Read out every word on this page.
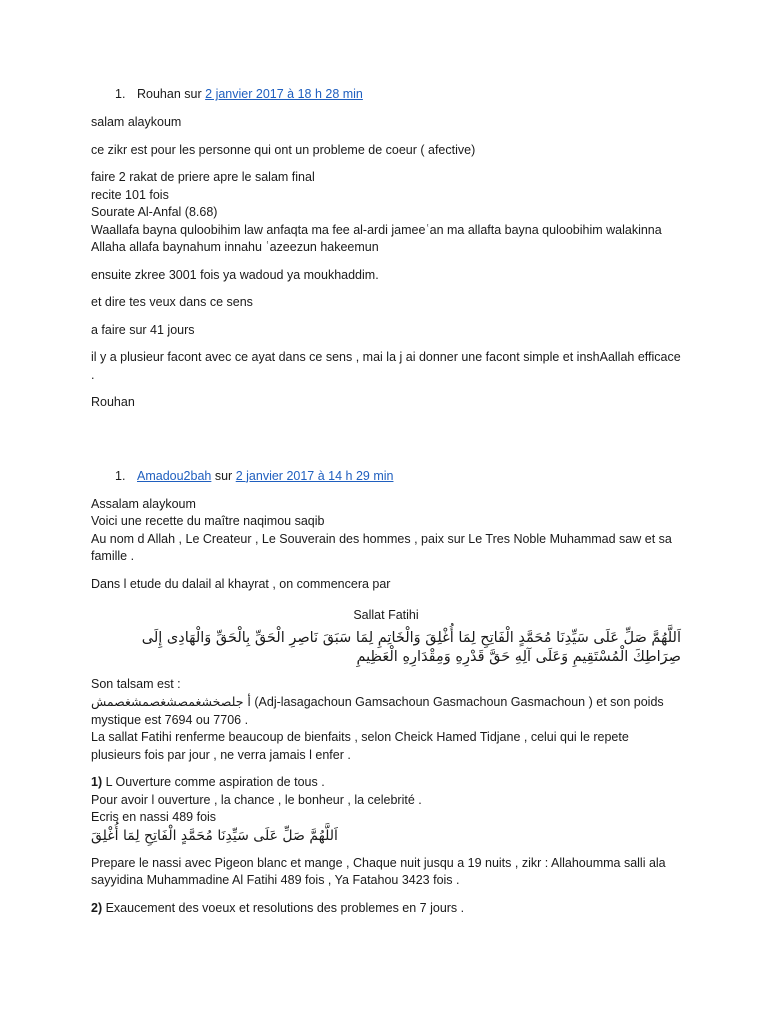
1. Rouhan sur 2 janvier 2017 à 18 h 28 min

salam alaykoum

ce zikr est pour les personne qui ont un probleme de coeur ( afective)

faire 2 rakat de priere apre le salam final

recite 101 fois

Sourate Al-Anfal (8.68)

Waallafa bayna quloobihim law anfaqta ma fee al-ardi jameeʿan ma allafta bayna quloobihim walakinna Allaha allafa baynahum innahu ʿazeezun hakeemun

ensuite zkree 3001 fois ya wadoud ya moukhaddim.

et dire tes veux dans ce sens

a faire sur 41 jours

il y a plusieur facont avec ce ayat dans ce sens , mai la j ai donner une facont simple et inshAallah efficace .

Rouhan

1. Amadou2bah sur 2 janvier 2017 à 14 h 29 min

Assalam alaykoum

Voici une recette du maître naqimou saqib

Au nom d Allah , Le Createur , Le Souverain des hommes , paix sur Le Tres Noble Muhammad saw et sa famille .

Dans l etude du dalail al khayrat , on commencera par

Sallat Fatihi

اَللَّهُمَّ صَلِّ عَلَى سَيِّدِنَا مُحَمَّدٍ الْفَاتِحِ لِمَا أُغْلِقَ وَالْخَاتِمِ لِمَا سَبَقَ نَاصِرِ الْحَقِّ بِالْحَقِّ وَالْهَادِى إِلَى صِرَاطِكَ الْمُسْتَقِيمِ وَعَلَى آلِهِ حَقَّ قَدْرِهِ وَمِقْدَارِهِ الْعَظِيمِ

Son talsam est :

أ جلصخشغمصشغصمشغصمش (Adj-lasagachoun Gamsachoun Gasmachoun Gasmachoun ) et son poids mystique est 7694 ou 7706 .

La sallat Fatihi renferme beaucoup de bienfaits , selon Cheick Hamed Tidjane , celui qui le repete plusieurs fois par jour , ne verra jamais l enfer .

1) L Ouverture comme aspiration de tous .

Pour avoir l ouverture , la chance , le bonheur , la celebrité .

Ecris en nassi 489 fois

اَللَّهُمَّ صَلِّ عَلَى سَيِّدِنَا مُحَمَّدٍ الْفَاتِحِ لِمَا أُغْلِقَ

Prepare le nassi avec Pigeon blanc et mange , Chaque nuit jusqu a 19 nuits , zikr : Allahoumma salli ala sayyidina Muhammadine Al Fatihi 489 fois , Ya Fatahou 3423 fois .

2) Exaucement des voeux et resolutions des problemes en 7 jours .
